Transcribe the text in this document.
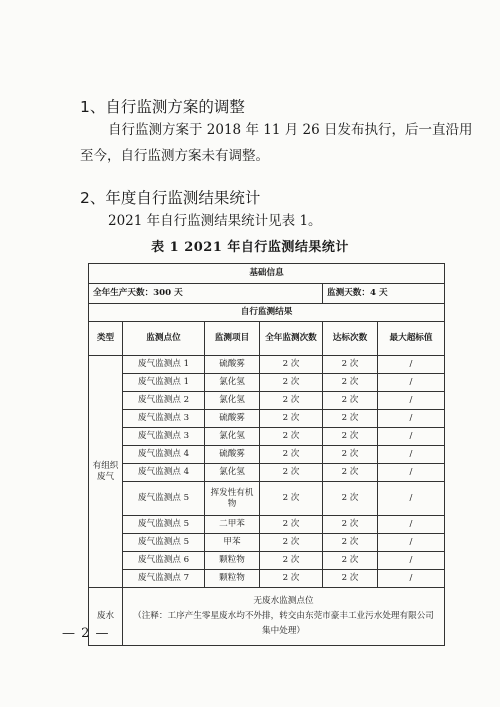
1、自行监测方案的调整
自行监测方案于 2018 年 11 月 26 日发布执行，后一直沿用
至今，自行监测方案未有调整。
2、年度自行监测结果统计
2021 年自行监测结果统计见表 1。
表 1 2021 年自行监测结果统计
基础信息					
全年生产天数：300 天				监测天数：4 天	
自行监测结果					
类型	监测点位	监测项目	全年监测次数	达标次数	最大超标值
有组织废气	废气监测点 1	硫酸雾	2 次	2 次	/
	废气监测点 1	氯化氢	2 次	2 次	/
	废气监测点 2	氯化氢	2 次	2 次	/
	废气监测点 3	硫酸雾	2 次	2 次	/
	废气监测点 3	氯化氢	2 次	2 次	/
	废气监测点 4	硫酸雾	2 次	2 次	/
	废气监测点 4	氯化氢	2 次	2 次	/
	废气监测点 5	挥发性有机物	2 次	2 次	/
	废气监测点 5	二甲苯	2 次	2 次	/
	废气监测点 5	甲苯	2 次	2 次	/
	废气监测点 6	颗粒物	2 次	2 次	/
	废气监测点 7	颗粒物	2 次	2 次	/
废水	无废水监测点位
（注释：工序产生零星废水均不外排，转交由东莞市豪丰工业污水处理有限公司集中处理）				
— 2 —
